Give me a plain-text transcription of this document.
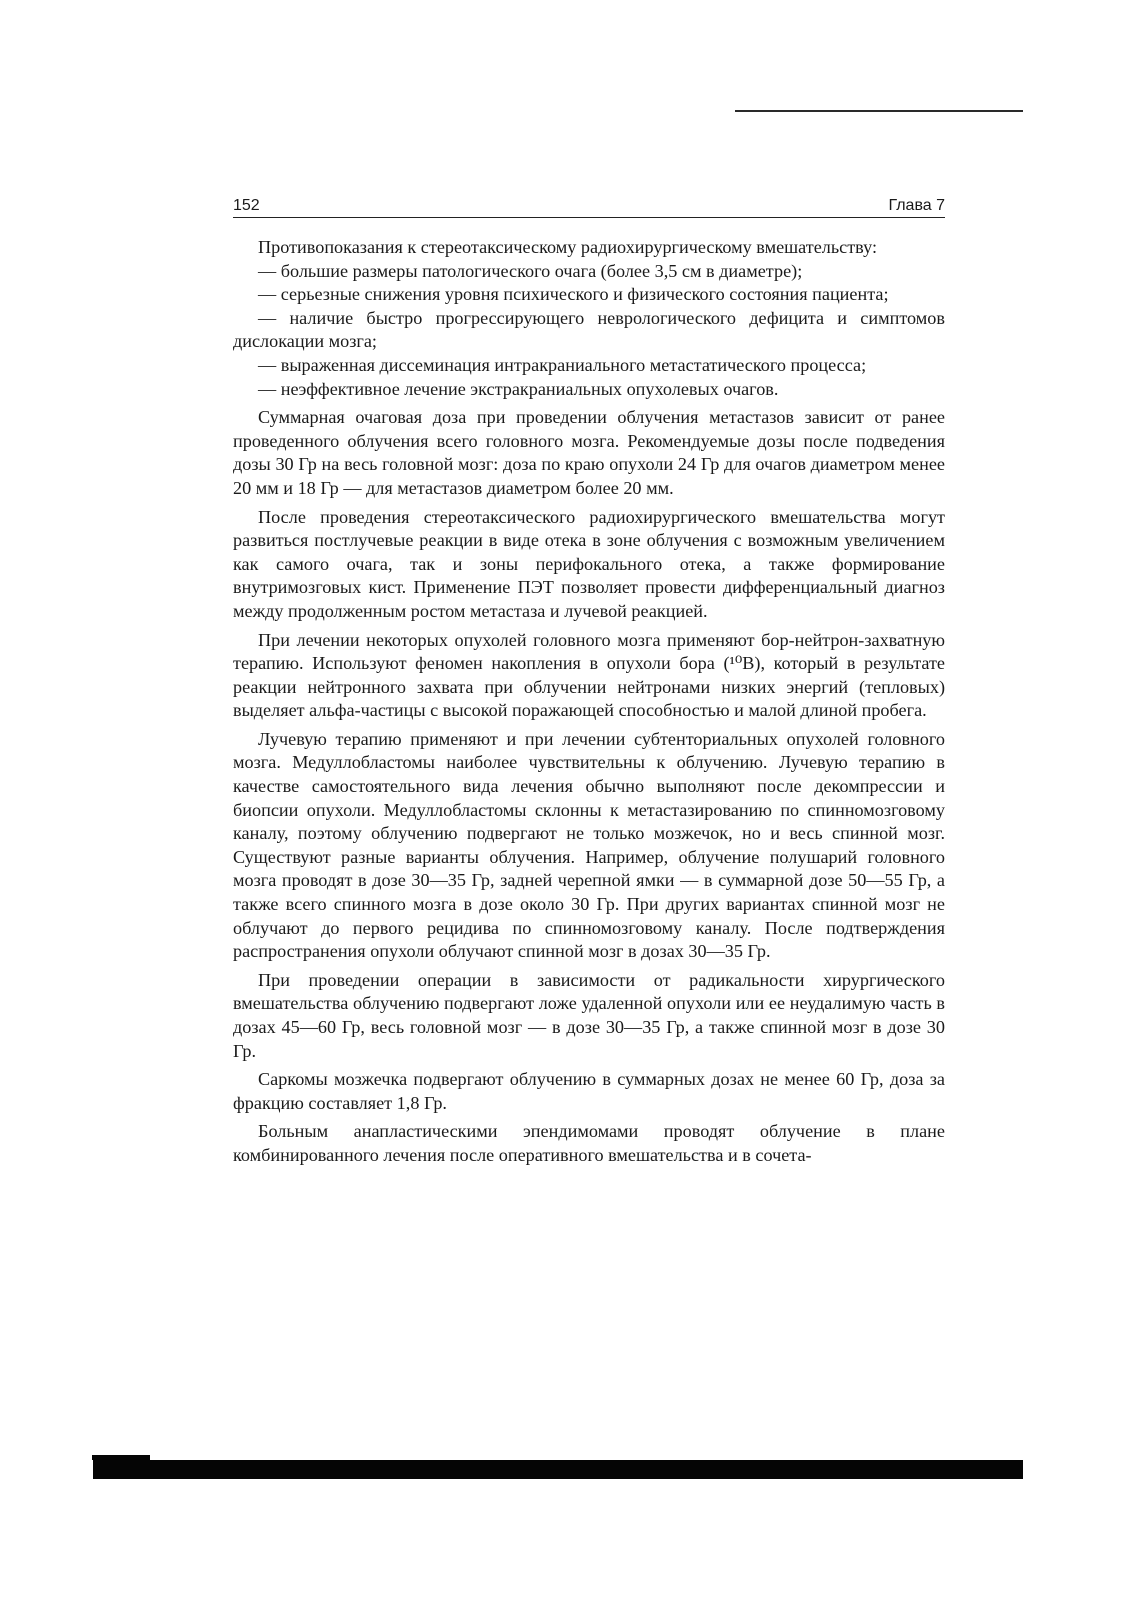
152	Глава 7

Противопоказания к стереотаксическому радиохирургическому вмешательству:

— большие размеры патологического очага (более 3,5 см в диаметре);

— серьезные снижения уровня психического и физического состояния пациента;

— наличие быстро прогрессирующего неврологического дефицита и симптомов дислокации мозга;

— выраженная диссеминация интракраниального метастатического процесса;

— неэффективное лечение экстракраниальных опухолевых очагов.

Суммарная очаговая доза при проведении облучения метастазов зависит от ранее проведенного облучения всего головного мозга. Рекомендуемые дозы после подведения дозы 30 Гр на весь головной мозг: доза по краю опухоли 24 Гр для очагов диаметром менее 20 мм и 18 Гр — для метастазов диаметром более 20 мм.

После проведения стереотаксического радиохирургического вмешательства могут развиться постлучевые реакции в виде отека в зоне облучения с возможным увеличением как самого очага, так и зоны перифокального отека, а также формирование внутримозговых кист. Применение ПЭТ позволяет провести дифференциальный диагноз между продолженным ростом метастаза и лучевой реакцией.

При лечении некоторых опухолей головного мозга применяют бор-нейтрон-захватную терапию. Используют феномен накопления в опухоли бора (¹⁰B), который в результате реакции нейтронного захвата при облучении нейтронами низких энергий (тепловых) выделяет альфа-частицы с высокой поражающей способностью и малой длиной пробега.

Лучевую терапию применяют и при лечении субтенториальных опухолей головного мозга. Медуллобластомы наиболее чувствительны к облучению. Лучевую терапию в качестве самостоятельного вида лечения обычно выполняют после декомпрессии и биопсии опухоли. Медуллобластомы склонны к метастазированию по спинномозговому каналу, поэтому облучению подвергают не только мозжечок, но и весь спинной мозг. Существуют разные варианты облучения. Например, облучение полушарий головного мозга проводят в дозе 30—35 Гр, задней черепной ямки — в суммарной дозе 50—55 Гр, а также всего спинного мозга в дозе около 30 Гр. При других вариантах спинной мозг не облучают до первого рецидива по спинномозговому каналу. После подтверждения распространения опухоли облучают спинной мозг в дозах 30—35 Гр.

При проведении операции в зависимости от радикальности хирургического вмешательства облучению подвергают ложе удаленной опухоли или ее неудалимую часть в дозах 45—60 Гр, весь головной мозг — в дозе 30—35 Гр, а также спинной мозг в дозе 30 Гр.

Саркомы мозжечка подвергают облучению в суммарных дозах не менее 60 Гр, доза за фракцию составляет 1,8 Гр.

Больным анапластическими эпендимомами проводят облучение в плане комбинированного лечения после оперативного вмешательства и в сочета-
